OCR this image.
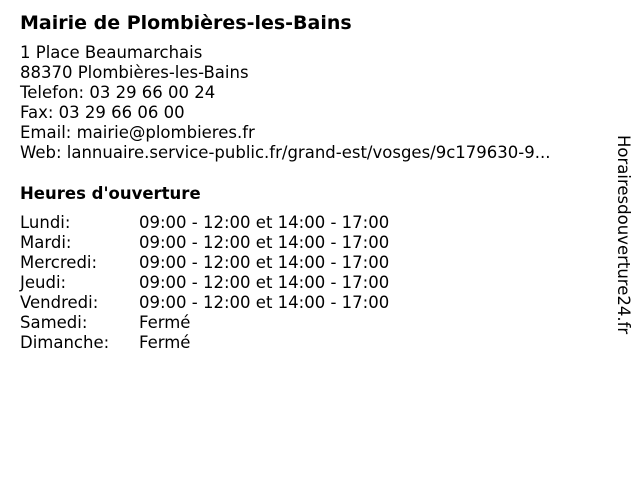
Mairie de Plombières-les-Bains
1 Place Beaumarchais
88370 Plombières-les-Bains
Telefon: 03 29 66 00 24
Fax: 03 29 66 06 00
Email: mairie@plombieres.fr
Web: lannuaire.service-public.fr/grand-est/vosges/9c179630-9...
Heures d'ouverture
Lundi:	09:00 - 12:00 et 14:00 - 17:00
Mardi:	09:00 - 12:00 et 14:00 - 17:00
Mercredi:	09:00 - 12:00 et 14:00 - 17:00
Jeudi:	09:00 - 12:00 et 14:00 - 17:00
Vendredi: 09:00 - 12:00 et 14:00 - 17:00
Samedi:	Fermé
Dimanche: Fermé
Horairesdouverture24.fr
